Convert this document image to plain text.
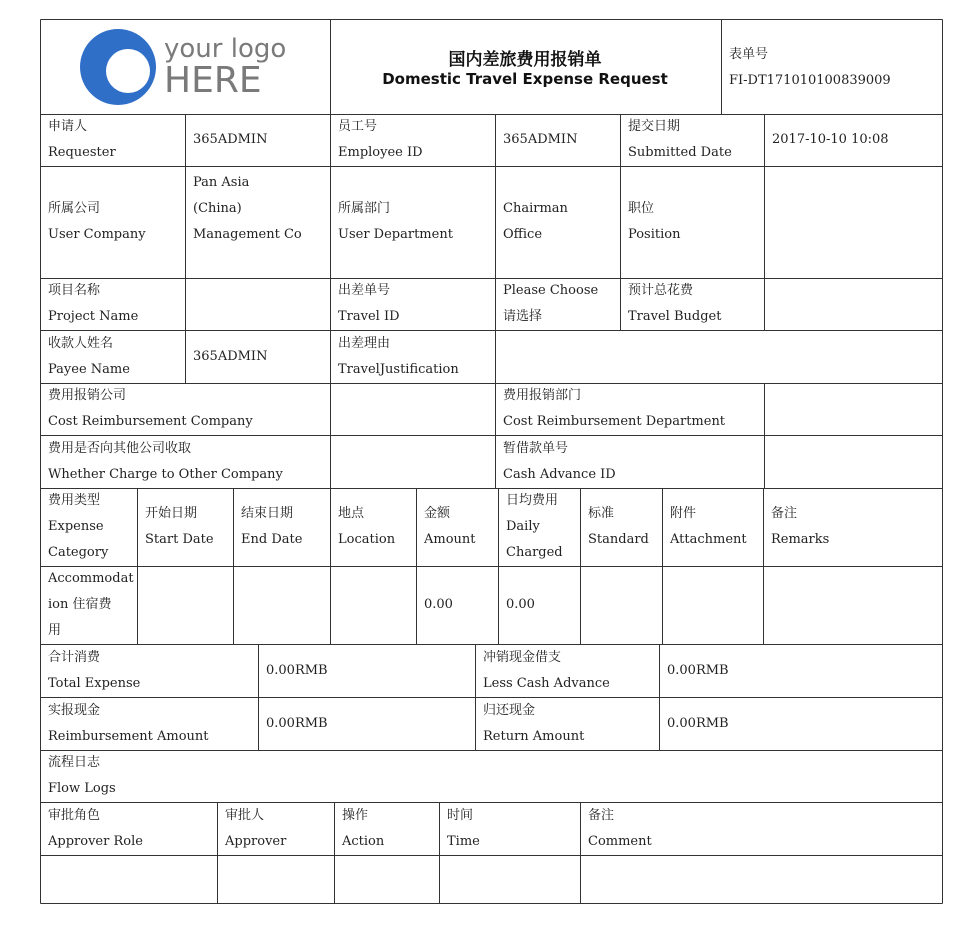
your logo
HERE	国内差旅费用报销单
Domestic Travel Expense Request
表单号
FI-DT171010100839009
申请人
Requester
365ADMIN
员工号
Employee ID
365ADMIN
提交日期
Submitted Date
2017-10-10 10:08
所属公司
User Company
Pan Asia
(China)
Management Co
所属部门
User Department
Chairman
Office
职位
Position
项目名称
Project Name
出差单号
Travel ID
Please Choose
请选择
预计总花费
Travel Budget
收款人姓名
Payee Name
365ADMIN
出差理由
TravelJustification
费用报销公司
Cost Reimbursement Company
费用报销部门
Cost Reimbursement Department
费用是否向其他公司收取
Whether Charge to Other Company
暂借款单号
Cash Advance ID
费用类型
Expense
Category
开始日期
Start Date
结束日期
End Date
地点
Location
金额
Amount
日均费用
Daily
Charged
标准
Standard
附件
Attachment
备注
Remarks
Accommodat
ion 住宿费
用
0.00	0.00
合计消费
Total Expense
0.00RMB
冲销现金借支
Less Cash Advance
0.00RMB
实报现金
Reimbursement Amount
0.00RMB
归还现金
Return Amount
0.00RMB
流程日志
Flow Logs
审批角色
Approver Role
审批人
Approver
操作
Action
时间
Time
备注
Comment
